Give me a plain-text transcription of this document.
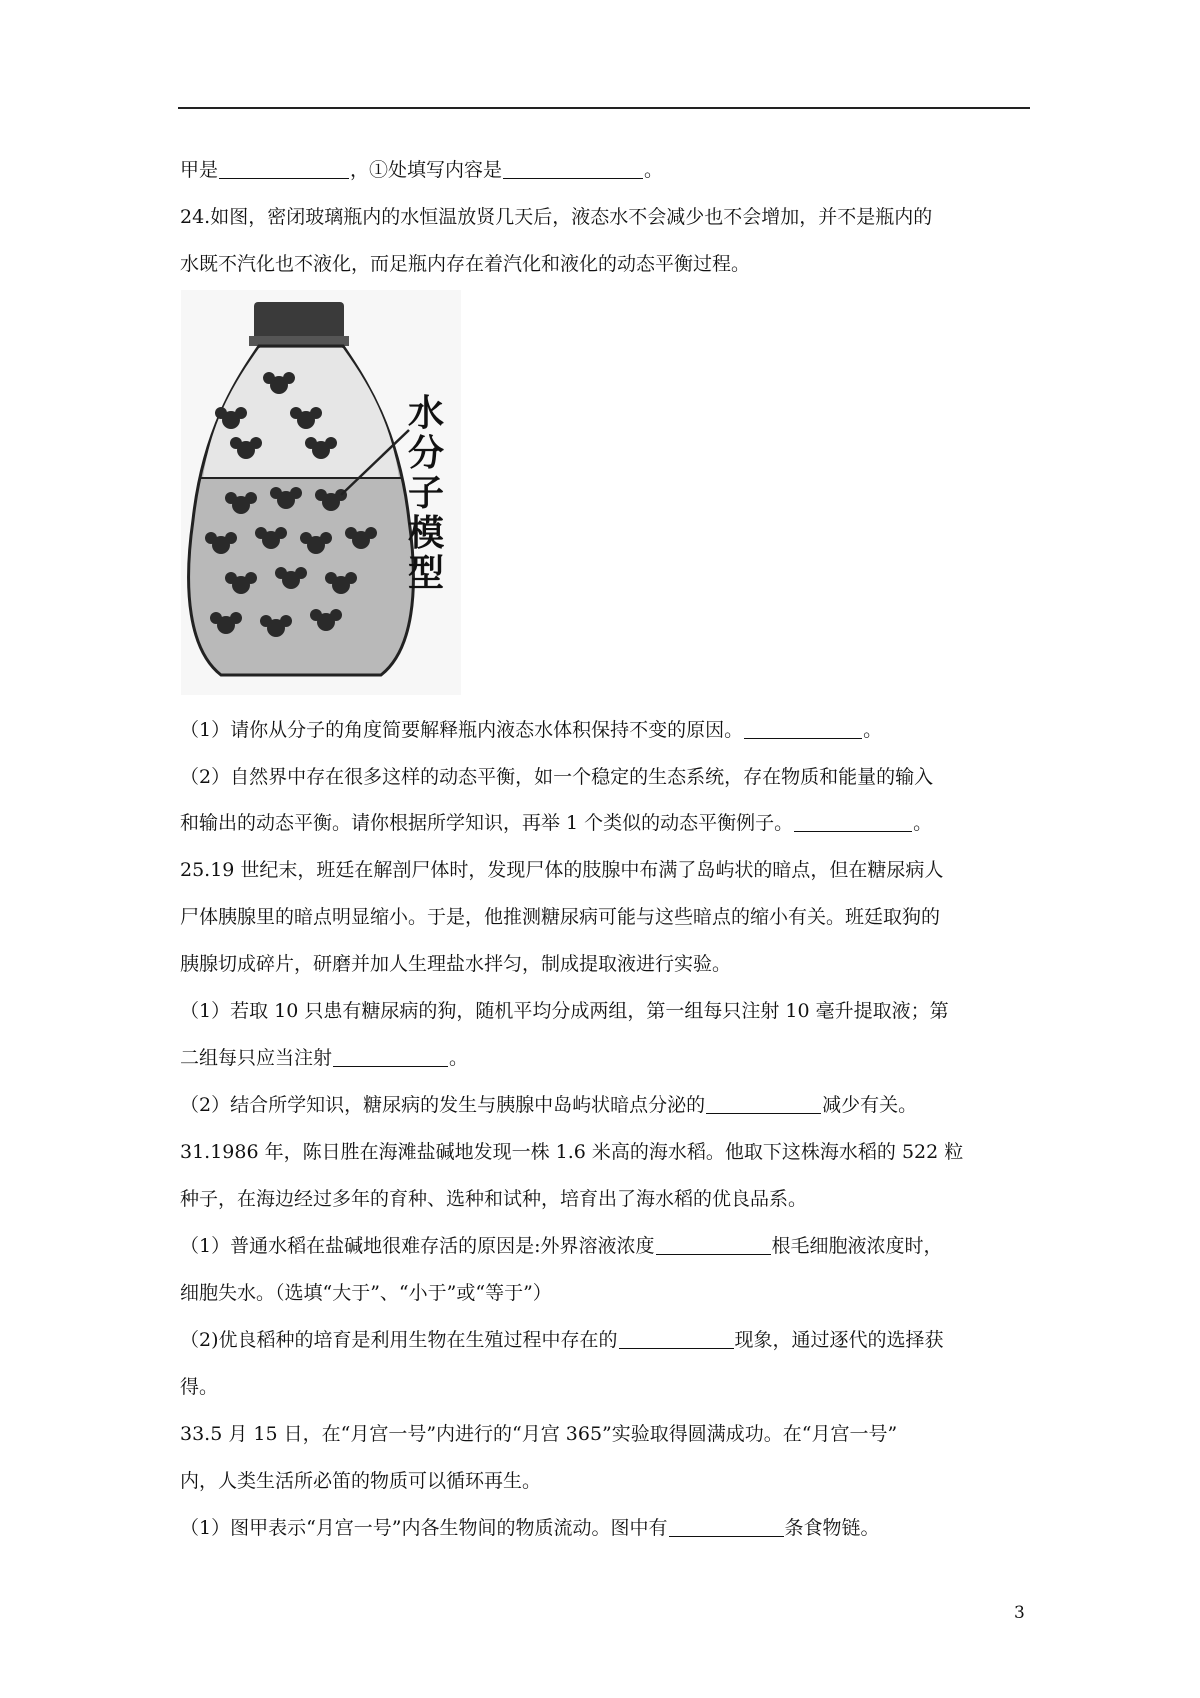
甲是	，①处填写内容是	。
24.如图，密闭玻璃瓶内的水恒温放贤几天后，液态水不会减少也不会增加，并不是瓶内的
水既不汽化也不液化，而足瓶内存在着汽化和液化的动态平衡过程。
水
分
子
模
型
（1）请你从分子的角度简要解释瓶内液态水体积保持不变的原因。	。
（2）自然界中存在很多这样的动态平衡，如一个稳定的生态系统，存在物质和能量的输入
和输出的动态平衡。请你根据所学知识，再举 1 个类似的动态平衡例子。	。
25.19 世纪末，班廷在解剖尸体时，发现尸体的肢腺中布满了岛屿状的暗点，但在糖尿病人
尸体胰腺里的暗点明显缩小。于是，他推测糖尿病可能与这些暗点的缩小有关。班廷取狗的
胰腺切成碎片，研磨并加人生理盐水拌匀，制成提取液进行实验。
（1）若取 10 只患有糖尿病的狗，随机平均分成两组，第一组每只注射 10 毫升提取液；第
二组每只应当注射	。
（2）结合所学知识，糖尿病的发生与胰腺中岛屿状暗点分泌的	减少有关。
31.1986 年，陈日胜在海滩盐碱地发现一株 1.6 米高的海水稻。他取下这株海水稻的 522 粒
种子，在海边经过多年的育种、选种和试种，培育出了海水稻的优良品系。
（1）普通水稻在盐碱地很难存活的原因是:外界溶液浓度	根毛细胞液浓度时，
细胞失水。（选填“大于”、“小于”或“等于”）
（2)优良稻种的培育是利用生物在生殖过程中存在的	现象，通过逐代的选择获
得。
33.5 月 15 日，在“月宫一号”内进行的“月宫 365”实验取得圆满成功。在“月宫一号”
内，人类生活所必笛的物质可以循环再生。
（1）图甲表示“月宫一号”内各生物间的物质流动。图中有	条食物链。
3
